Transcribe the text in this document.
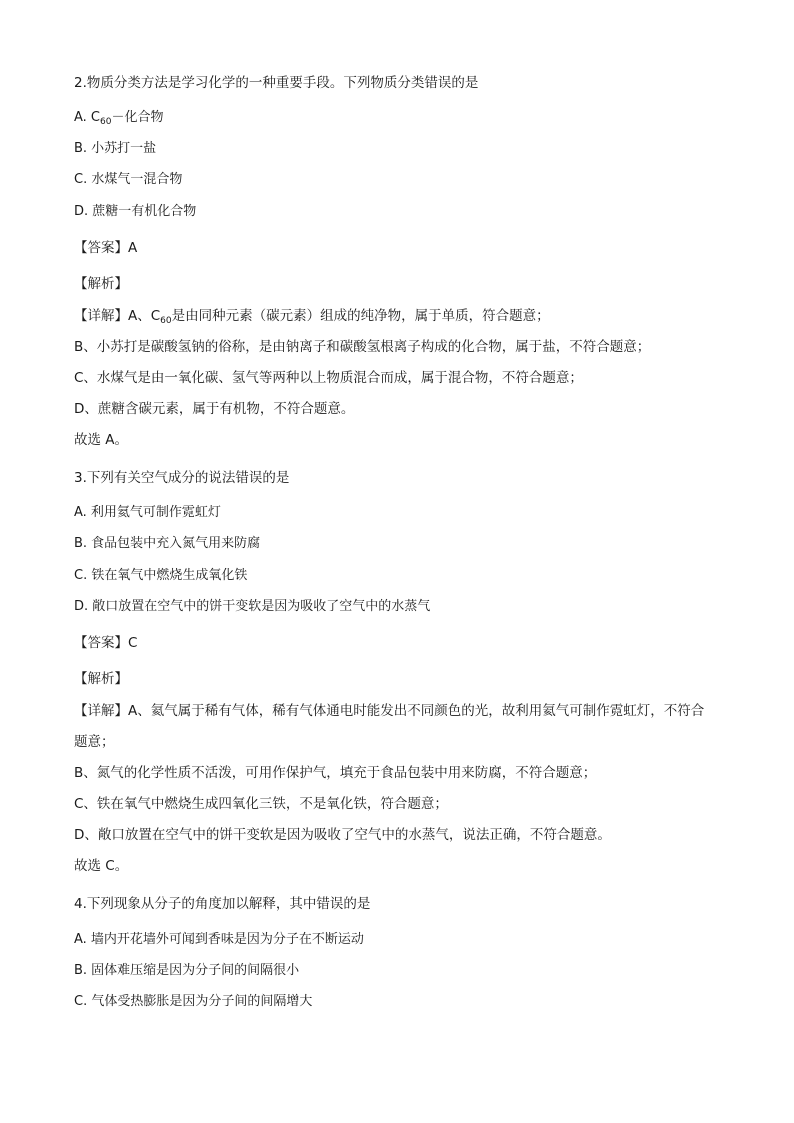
2.物质分类方法是学习化学的一种重要手段。下列物质分类错误的是
A. $C_{60}-$化合物
B. 小苏打一盐
C. 水煤气一混合物
D. 蔗糖一有机化合物
【答案】A
【解析】
【详解】A、$C_{60}$是由同种元素（碳元素）组成的纯净物，属于单质，符合题意；
B、小苏打是碳酸氢钠的俗称，是由钠离子和碳酸氢根离子构成的化合物，属于盐，不符合题意；
C、水煤气是由一氧化碳、氢气等两种以上物质混合而成，属于混合物，不符合题意；
D、蔗糖含碳元素，属于有机物，不符合题意。
故选 A。
3.下列有关空气成分的说法错误的是
A. 利用氦气可制作霓虹灯
B. 食品包装中充入氮气用来防腐
C. 铁在氧气中燃烧生成氧化铁
D. 敞口放置在空气中的饼干变软是因为吸收了空气中的水蒸气
【答案】C
【解析】
【详解】A、氦气属于稀有气体，稀有气体通电时能发出不同颜色的光，故利用氦气可制作霓虹灯，不符合
题意；
B、氮气的化学性质不活泼，可用作保护气，填充于食品包装中用来防腐，不符合题意；
C、铁在氧气中燃烧生成四氧化三铁，不是氧化铁，符合题意；
D、敞口放置在空气中的饼干变软是因为吸收了空气中的水蒸气，说法正确，不符合题意。
故选 C。
4.下列现象从分子的角度加以解释，其中错误的是
A. 墙内开花墙外可闻到香味是因为分子在不断运动
B. 固体难压缩是因为分子间的间隔很小
C. 气体受热膨胀是因为分子间的间隔增大
